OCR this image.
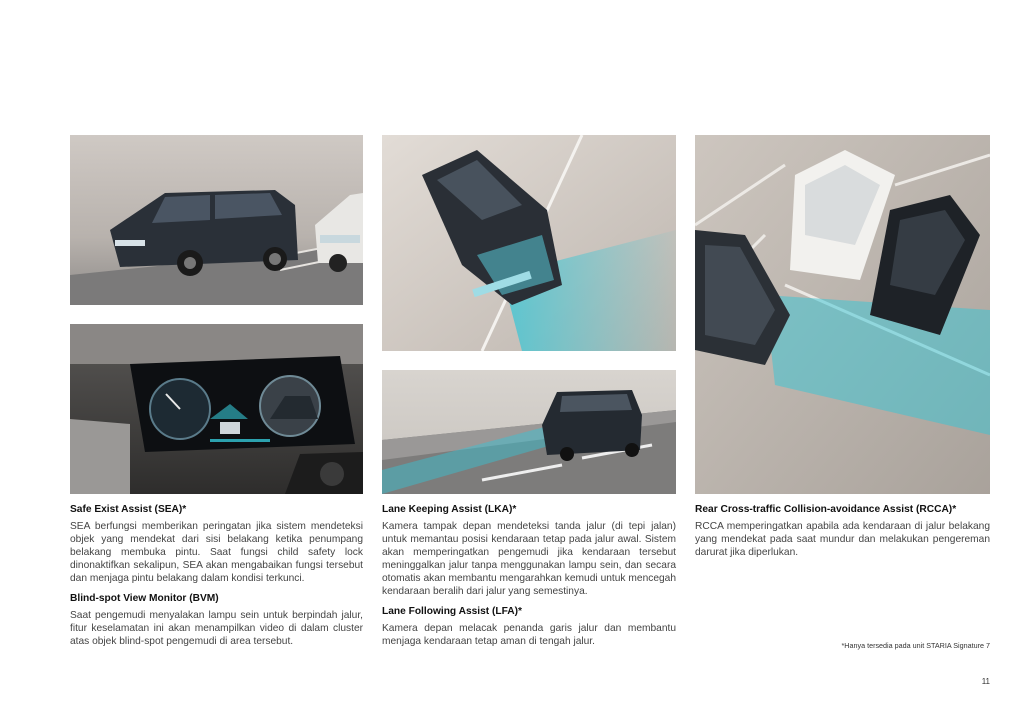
Safe Exist Assist (SEA)*

SEA berfungsi memberikan peringatan jika sistem mendeteksi objek yang mendekat dari sisi belakang ketika penumpang belakang membuka pintu. Saat fungsi child safety lock dinonaktifkan sekalipun, SEA akan mengabaikan fungsi tersebut dan menjaga pintu belakang dalam kondisi terkunci.

Blind-spot View Monitor (BVM)

Saat pengemudi menyalakan lampu sein untuk berpindah jalur, fitur keselamatan ini akan menampilkan video di dalam cluster atas objek blind-spot pengemudi di area tersebut.

Lane Keeping Assist (LKA)*

Kamera tampak depan mendeteksi tanda jalur (di tepi jalan) untuk memantau posisi kendaraan tetap pada jalur awal. Sistem akan memperingatkan pengemudi jika kendaraan tersebut meninggalkan jalur tanpa menggunakan lampu sein, dan secara otomatis akan membantu mengarahkan kemudi untuk mencegah kendaraan beralih dari jalur yang semestinya.

Lane Following Assist (LFA)*

Kamera depan melacak penanda garis jalur dan membantu menjaga kendaraan tetap aman di tengah jalur.

Rear Cross-traffic Collision-avoidance Assist (RCCA)*

RCCA memperingatkan apabila ada kendaraan di jalur belakang yang mendekat pada saat mundur dan melakukan pengereman darurat jika diperlukan.

*Hanya tersedia pada unit STARIA Signature 7
11
